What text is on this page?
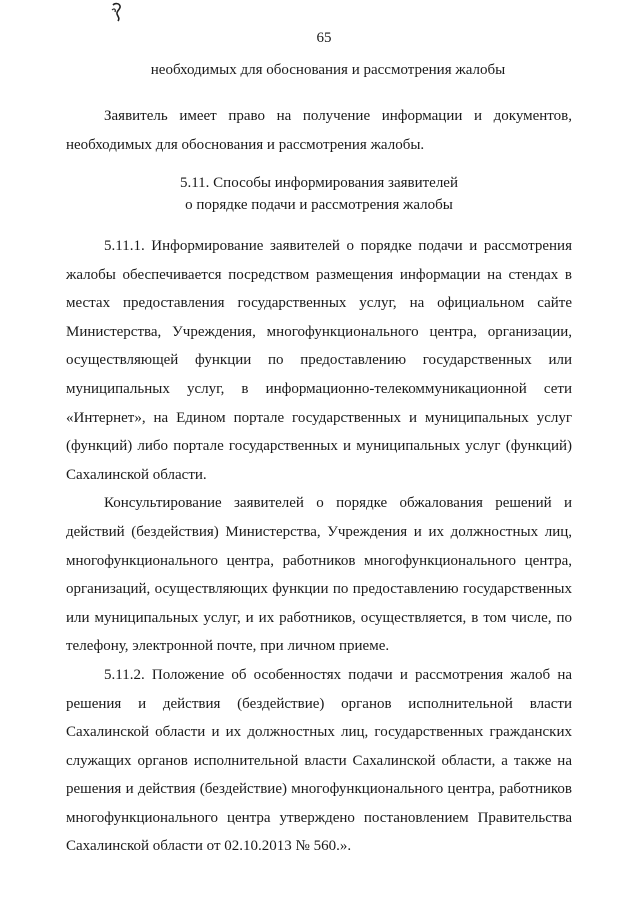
65
необходимых для обоснования и рассмотрения жалобы

Заявитель имеет право на получение информации и документов, необходимых для обоснования и рассмотрения жалобы.

5.11. Способы информирования заявителей
о порядке подачи и рассмотрения жалобы

5.11.1. Информирование заявителей о порядке подачи и рассмотрения жалобы обеспечивается посредством размещения информации на стендах в местах предоставления государственных услуг, на официальном сайте Министерства, Учреждения, многофункционального центра, организации, осуществляющей функции по предоставлению государственных или муниципальных услуг, в информационно-телекоммуникационной сети «Интернет», на Едином портале государственных и муниципальных услуг (функций) либо портале государственных и муниципальных услуг (функций) Сахалинской области.

Консультирование заявителей о порядке обжалования решений и действий (бездействия) Министерства, Учреждения и их должностных лиц, многофункционального центра, работников многофункционального центра, организаций, осуществляющих функции по предоставлению государственных или муниципальных услуг, и их работников, осуществляется, в том числе, по телефону, электронной почте, при личном приеме.

5.11.2. Положение об особенностях подачи и рассмотрения жалоб на решения и действия (бездействие) органов исполнительной власти Сахалинской области и их должностных лиц, государственных гражданских служащих органов исполнительной власти Сахалинской области, а также на решения и действия (бездействие) многофункционального центра, работников многофункционального центра утверждено постановлением Правительства Сахалинской области от 02.10.2013 № 560.».
